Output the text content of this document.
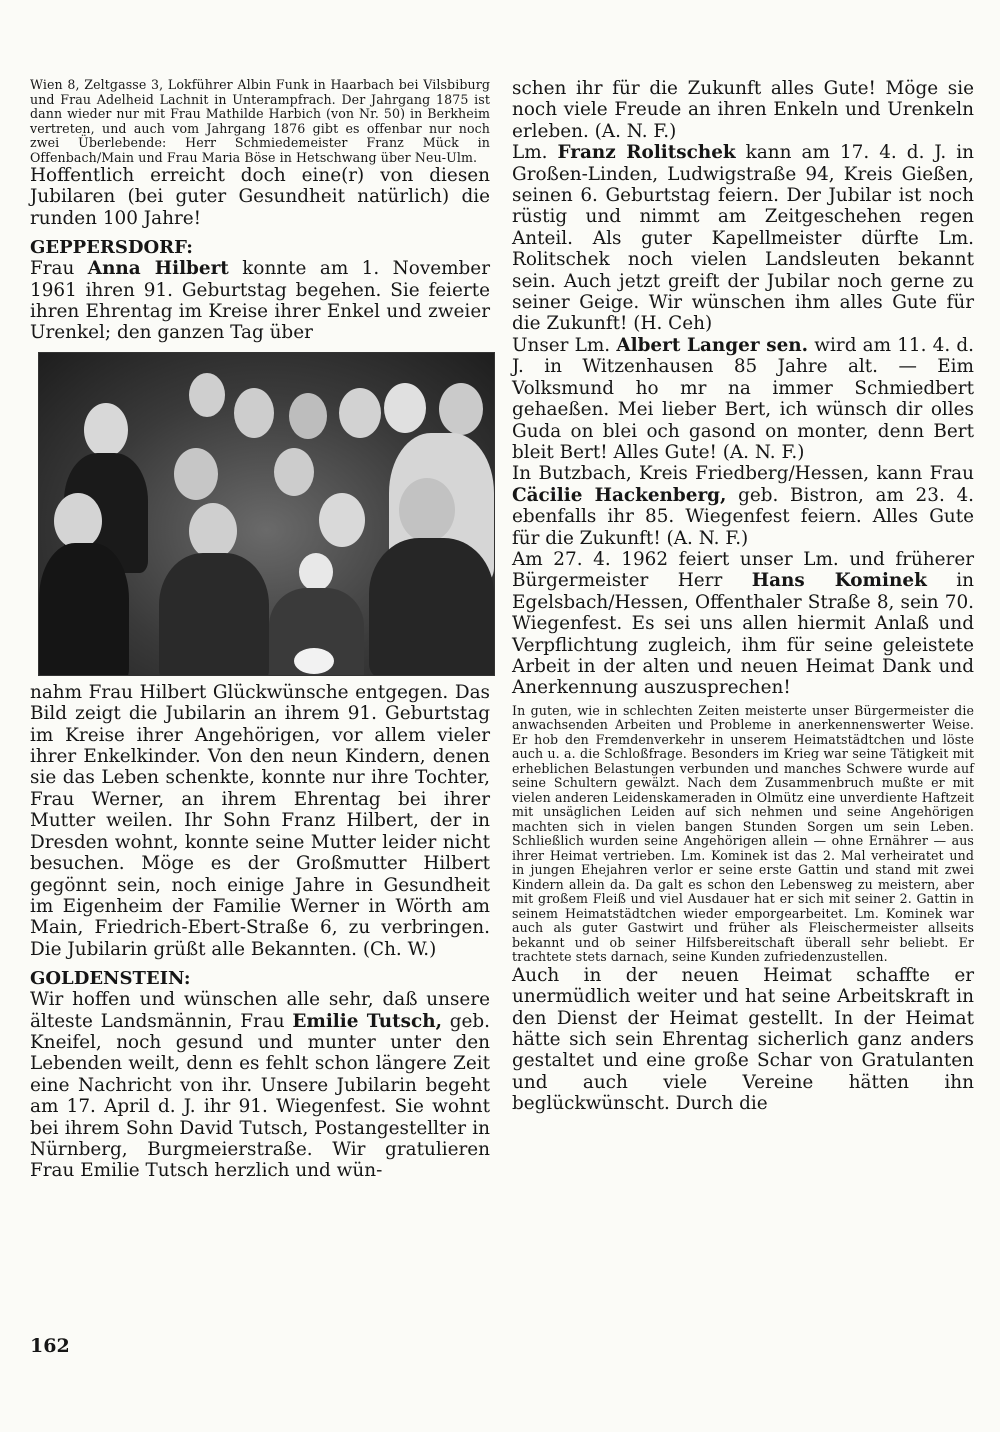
Wien 8, Zeltgasse 3, Lokführer Albin Funk in Haarbach bei Vilsbiburg und Frau Adelheid Lachnit in Unterampfrach. Der Jahrgang 1875 ist dann wieder nur mit Frau Mathilde Harbich (von Nr. 50) in Berkheim vertreten, und auch vom Jahrgang 1876 gibt es offenbar nur noch zwei Überlebende: Herr Schmiedemeister Franz Mück in Offenbach/Main und Frau Maria Böse in Hetschwang über Neu-Ulm.

Hoffentlich erreicht doch eine(r) von diesen Jubilaren (bei guter Gesundheit natürlich) die runden 100 Jahre!

GEPPERSDORF:

Frau Anna Hilbert konnte am 1. November 1961 ihren 91. Geburtstag begehen. Sie feierte ihren Ehrentag im Kreise ihrer Enkel und zweier Urenkel; den ganzen Tag über

nahm Frau Hilbert Glückwünsche entgegen. Das Bild zeigt die Jubilarin an ihrem 91. Geburtstag im Kreise ihrer Angehörigen, vor allem vieler ihrer Enkelkinder. Von den neun Kindern, denen sie das Leben schenkte, konnte nur ihre Tochter, Frau Werner, an ihrem Ehrentag bei ihrer Mutter weilen. Ihr Sohn Franz Hilbert, der in Dresden wohnt, konnte seine Mutter leider nicht besuchen. Möge es der Großmutter Hilbert gegönnt sein, noch einige Jahre in Gesundheit im Eigenheim der Familie Werner in Wörth am Main, Friedrich-Ebert-Straße 6, zu verbringen. Die Jubilarin grüßt alle Bekannten. (Ch. W.)

GOLDENSTEIN:

Wir hoffen und wünschen alle sehr, daß unsere älteste Landsmännin, Frau Emilie Tutsch, geb. Kneifel, noch gesund und munter unter den Lebenden weilt, denn es fehlt schon längere Zeit eine Nachricht von ihr. Unsere Jubilarin begeht am 17. April d. J. ihr 91. Wiegenfest. Sie wohnt bei ihrem Sohn David Tutsch, Postangestellter in Nürnberg, Burgmeierstraße. Wir gratulieren Frau Emilie Tutsch herzlich und wün-

schen ihr für die Zukunft alles Gute! Möge sie noch viele Freude an ihren Enkeln und Urenkeln erleben. (A. N. F.)

Lm. Franz Rolitschek kann am 17. 4. d. J. in Großen-Linden, Ludwigstraße 94, Kreis Gießen, seinen 6. Geburtstag feiern. Der Jubilar ist noch rüstig und nimmt am Zeitgeschehen regen Anteil. Als guter Kapellmeister dürfte Lm. Rolitschek noch vielen Landsleuten bekannt sein. Auch jetzt greift der Jubilar noch gerne zu seiner Geige. Wir wünschen ihm alles Gute für die Zukunft! (H. Ceh)

Unser Lm. Albert Langer sen. wird am 11. 4. d. J. in Witzenhausen 85 Jahre alt. — Eim Volksmund ho mr na immer Schmiedbert gehaeßen. Mei lieber Bert, ich wünsch dir olles Guda on blei och gasond on monter, denn Bert bleit Bert! Alles Gute! (A. N. F.)

In Butzbach, Kreis Friedberg/Hessen, kann Frau Cäcilie Hackenberg, geb. Bistron, am 23. 4. ebenfalls ihr 85. Wiegenfest feiern. Alles Gute für die Zukunft! (A. N. F.)

Am 27. 4. 1962 feiert unser Lm. und früherer Bürgermeister Herr Hans Kominek in Egelsbach/Hessen, Offenthaler Straße 8, sein 70. Wiegenfest. Es sei uns allen hiermit Anlaß und Verpflichtung zugleich, ihm für seine geleistete Arbeit in der alten und neuen Heimat Dank und Anerkennung auszusprechen!

In guten, wie in schlechten Zeiten meisterte unser Bürgermeister die anwachsenden Arbeiten und Probleme in anerkennenswerter Weise. Er hob den Fremdenverkehr in unserem Heimatstädtchen und löste auch u. a. die Schloßfrage. Besonders im Krieg war seine Tätigkeit mit erheblichen Belastungen verbunden und manches Schwere wurde auf seine Schultern gewälzt. Nach dem Zusammenbruch mußte er mit vielen anderen Leidenskameraden in Olmütz eine unverdiente Haftzeit mit unsäglichen Leiden auf sich nehmen und seine Angehörigen machten sich in vielen bangen Stunden Sorgen um sein Leben. Schließlich wurden seine Angehörigen allein — ohne Ernährer — aus ihrer Heimat vertrieben. Lm. Kominek ist das 2. Mal verheiratet und in jungen Ehejahren verlor er seine erste Gattin und stand mit zwei Kindern allein da. Da galt es schon den Lebensweg zu meistern, aber mit großem Fleiß und viel Ausdauer hat er sich mit seiner 2. Gattin in seinem Heimatstädtchen wieder emporgearbeitet. Lm. Kominek war auch als guter Gastwirt und früher als Fleischermeister allseits bekannt und ob seiner Hilfsbereitschaft überall sehr beliebt. Er trachtete stets darnach, seine Kunden zufriedenzustellen.

Auch in der neuen Heimat schaffte er unermüdlich weiter und hat seine Arbeitskraft in den Dienst der Heimat gestellt. In der Heimat hätte sich sein Ehrentag sicherlich ganz anders gestaltet und eine große Schar von Gratulanten und auch viele Vereine hätten ihn beglückwünscht. Durch die

162
